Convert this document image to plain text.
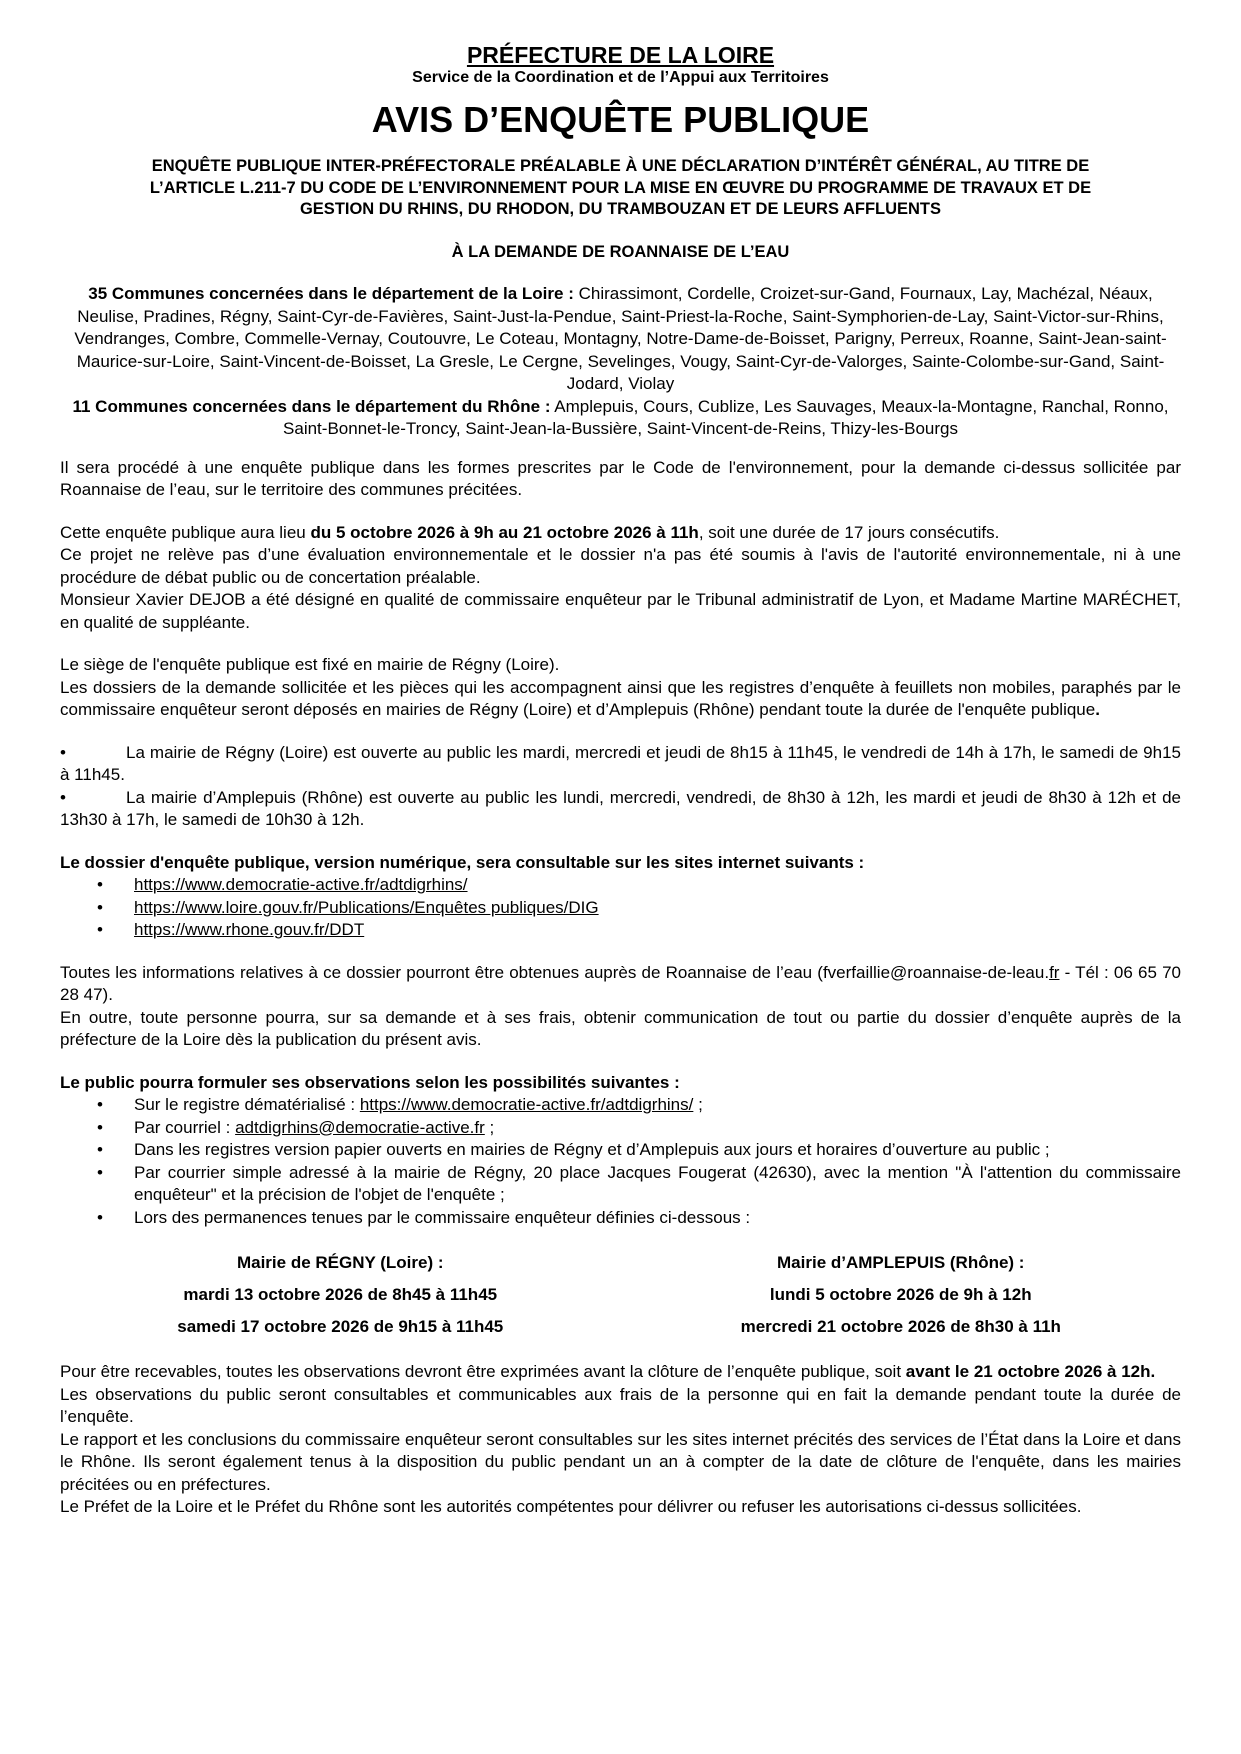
PRÉFECTURE DE LA LOIRE
Service de la Coordination et de l’Appui aux Territoires
AVIS D’ENQUÊTE PUBLIQUE
ENQUÊTE PUBLIQUE INTER-PRÉFECTORALE PRÉALABLE À UNE DÉCLARATION D’INTÉRÊT GÉNÉRAL, AU TITRE DE
L’ARTICLE L.211-7 DU CODE DE L’ENVIRONNEMENT POUR LA MISE EN ŒUVRE DU PROGRAMME DE TRAVAUX ET DE
GESTION DU RHINS, DU RHODON, DU TRAMBOUZAN ET DE LEURS AFFLUENTS
À LA DEMANDE DE ROANNAISE DE L’EAU
35 Communes concernées dans le département de la Loire : Chirassimont, Cordelle, Croizet-sur-Gand, Fournaux, Lay, Machézal, Néaux, Neulise, Pradines, Régny, Saint-Cyr-de-Favières, Saint-Just-la-Pendue, Saint-Priest-la-Roche, Saint-Symphorien-de-Lay, Saint-Victor-sur-Rhins, Vendranges, Combre, Commelle-Vernay, Coutouvre, Le Coteau, Montagny, Notre-Dame-de-Boisset, Parigny, Perreux, Roanne, Saint-Jean-saint-Maurice-sur-Loire, Saint-Vincent-de-Boisset, La Gresle, Le Cergne, Sevelinges, Vougy, Saint-Cyr-de-Valorges, Sainte-Colombe-sur-Gand, Saint-Jodard, Violay
11 Communes concernées dans le département du Rhône : Amplepuis, Cours, Cublize, Les Sauvages, Meaux-la-Montagne, Ranchal, Ronno, Saint-Bonnet-le-Troncy, Saint-Jean-la-Bussière, Saint-Vincent-de-Reins, Thizy-les-Bourgs

Il sera procédé à une enquête publique dans les formes prescrites par le Code de l'environnement, pour la demande ci-dessus sollicitée par Roannaise de l’eau, sur le territoire des communes précitées.

Cette enquête publique aura lieu du 5 octobre 2026 à 9h au 21 octobre 2026 à 11h, soit une durée de 17 jours consécutifs.

Ce projet ne relève pas d’une évaluation environnementale et le dossier n'a pas été soumis à l'avis de l'autorité environnementale, ni à une procédure de débat public ou de concertation préalable.

Monsieur Xavier DEJOB a été désigné en qualité de commissaire enquêteur par le Tribunal administratif de Lyon, et Madame Martine MARÉCHET, en qualité de suppléante.

Le siège de l'enquête publique est fixé en mairie de Régny (Loire).

Les dossiers de la demande sollicitée et les pièces qui les accompagnent ainsi que les registres d’enquête à feuillets non mobiles, paraphés par le commissaire enquêteur seront déposés en mairies de Régny (Loire) et d’Amplepuis (Rhône) pendant toute la durée de l'enquête publique.

•	La mairie de Régny (Loire) est ouverte au public les mardi, mercredi et jeudi de 8h15 à 11h45, le vendredi de 14h à 17h, le samedi de 9h15 à 11h45.

•	La mairie d’Amplepuis (Rhône) est ouverte au public les lundi, mercredi, vendredi, de 8h30 à 12h, les mardi et jeudi de 8h30 à 12h et de 13h30 à 17h, le samedi de 10h30 à 12h.

Le dossier d'enquête publique, version numérique, sera consultable sur les sites internet suivants :

• https://www.democratie-active.fr/adtdigrhins/
• https://www.loire.gouv.fr/Publications/Enquêtes publiques/DIG
• https://www.rhone.gouv.fr/DDT

Toutes les informations relatives à ce dossier pourront être obtenues auprès de Roannaise de l’eau (fverfaillie@roannaise-de-leau.fr - Tél : 06 65 70 28 47).

En outre, toute personne pourra, sur sa demande et à ses frais, obtenir communication de tout ou partie du dossier d’enquête auprès de la préfecture de la Loire dès la publication du présent avis.

Le public pourra formuler ses observations selon les possibilités suivantes :

• Sur le registre dématérialisé : https://www.democratie-active.fr/adtdigrhins/ ;
• Par courriel : adtdigrhins@democratie-active.fr ;
• Dans les registres version papier ouverts en mairies de Régny et d’Amplepuis aux jours et horaires d’ouverture au public ;
• Par courrier simple adressé à la mairie de Régny, 20 place Jacques Fougerat (42630), avec la mention "À l'attention du commissaire enquêteur" et la précision de l'objet de l'enquête ;
• Lors des permanences tenues par le commissaire enquêteur définies ci-dessous :
Mairie de RÉGNY (Loire) :
mardi 13 octobre 2026 de 8h45 à 11h45
samedi 17 octobre 2026 de 9h15 à 11h45
Mairie d’AMPLEPUIS (Rhône) :
lundi 5 octobre 2026 de 9h à 12h
mercredi 21 octobre 2026 de 8h30 à 11h

Pour être recevables, toutes les observations devront être exprimées avant la clôture de l’enquête publique, soit avant le 21 octobre 2026 à 12h.

Les observations du public seront consultables et communicables aux frais de la personne qui en fait la demande pendant toute la durée de l’enquête.

Le rapport et les conclusions du commissaire enquêteur seront consultables sur les sites internet précités des services de l’État dans la Loire et dans le Rhône. Ils seront également tenus à la disposition du public pendant un an à compter de la date de clôture de l'enquête, dans les mairies précitées ou en préfectures.

Le Préfet de la Loire et le Préfet du Rhône sont les autorités compétentes pour délivrer ou refuser les autorisations ci-dessus sollicitées.
